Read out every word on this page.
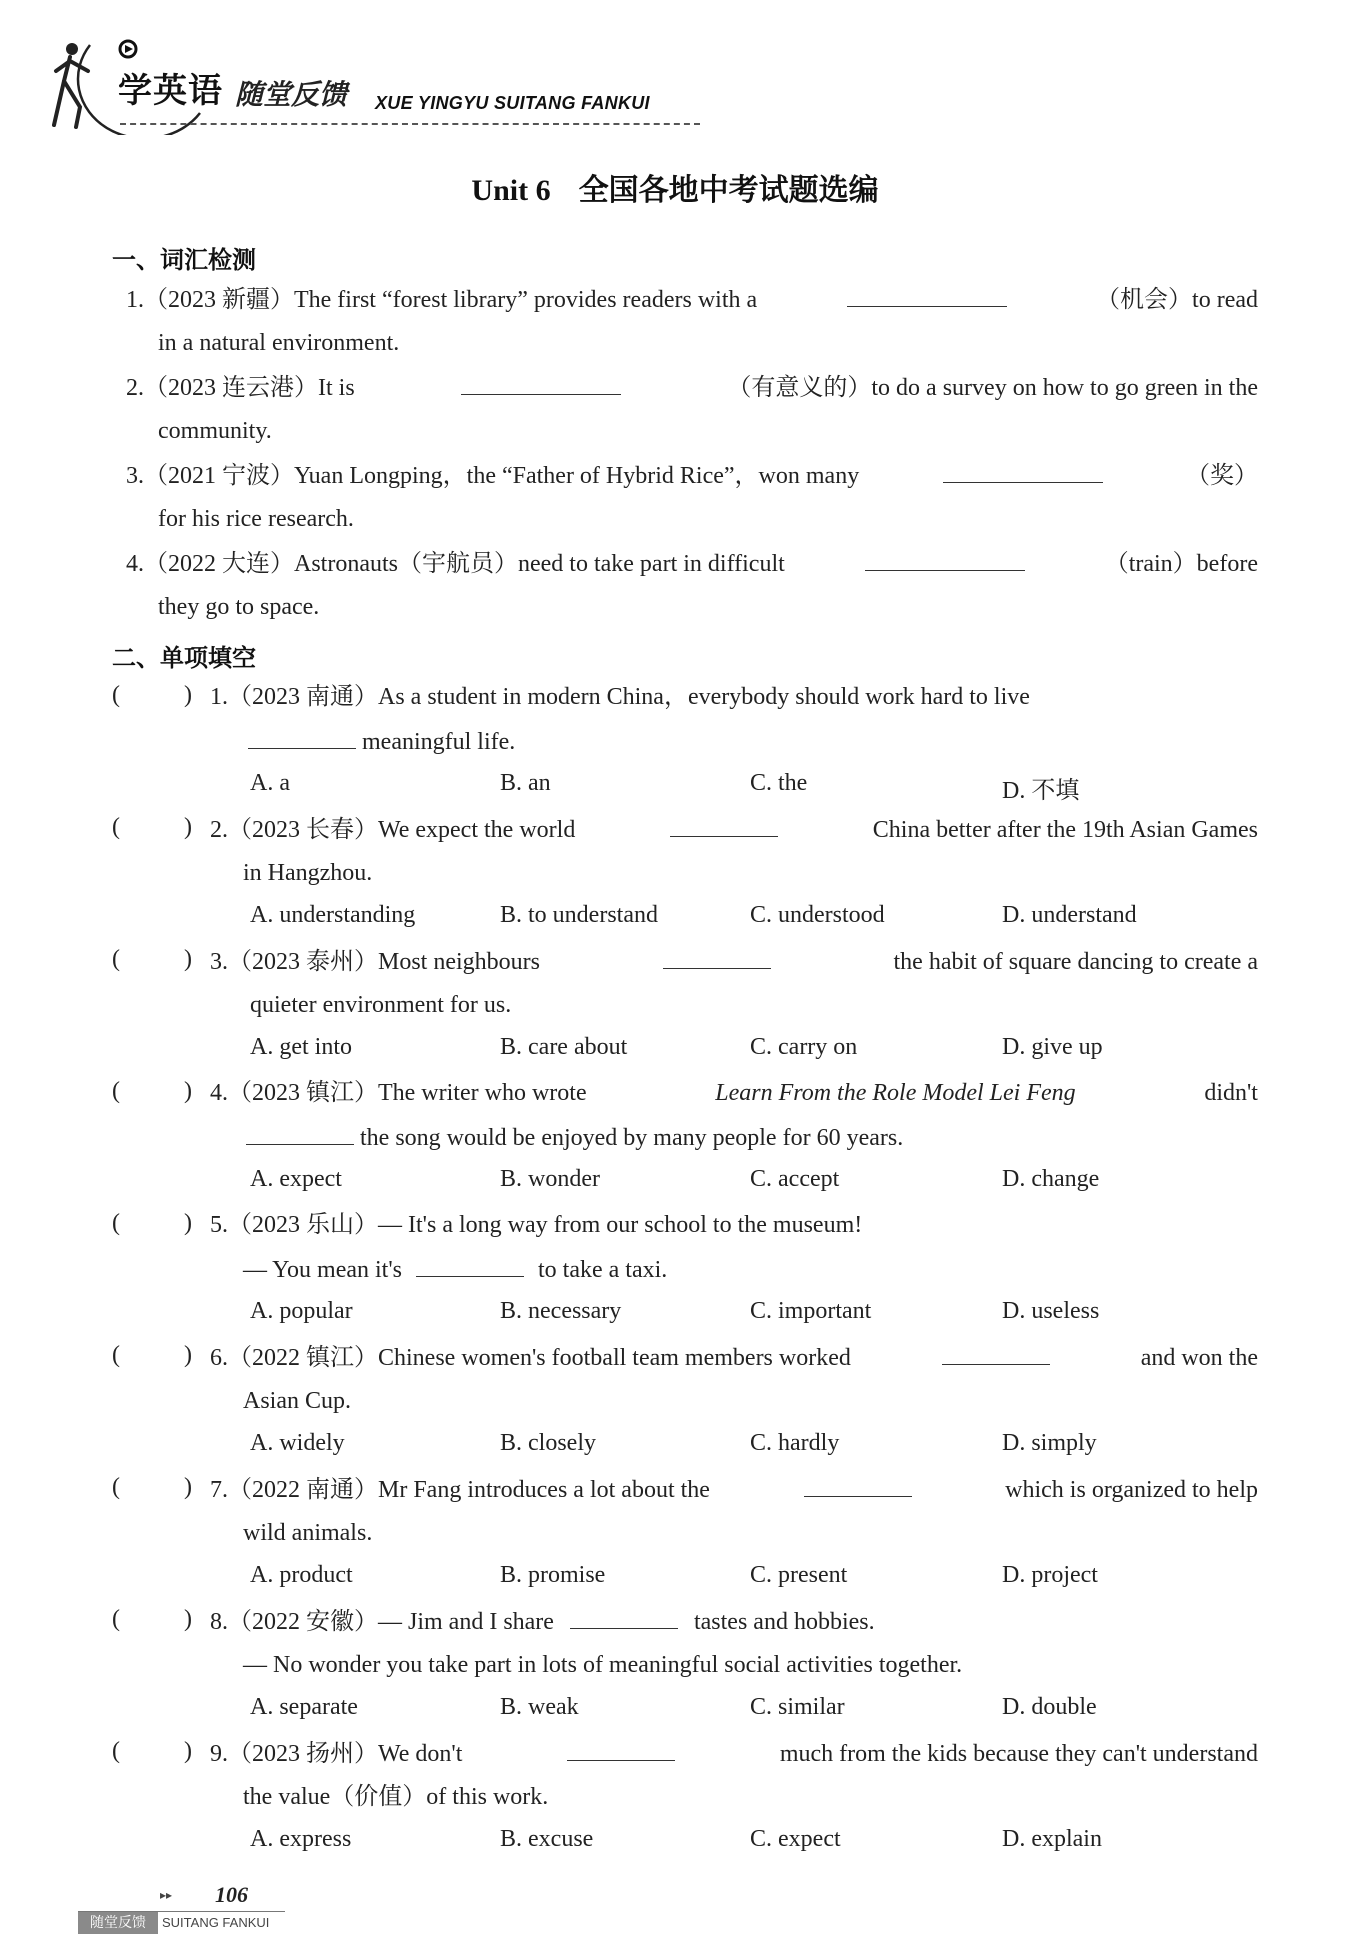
学英语 随堂反馈 XUE YINGYU SUITANG FANKUI
Unit 6 全国各地中考试题选编
一、词汇检测
1.（2023 新疆）The first “forest library” provides readers with a	（机会）to read
in a natural environment.
2.（2023 连云港）It is	（有意义的）to do a survey on how to go green in the
community.
3.（2021 宁波）Yuan Longping，the “Father of Hybrid Rice”，won many	（奖）
for his rice research.
4.（2022 大连）Astronauts（宇航员）need to take part in difficult	（train）before
they go to space.
二、单项填空
(	) 1.（2023 南通）As a student in modern China，everybody should work hard to live
meaningful life.
A. a	B. an	C. the	D. 不填
(	) 2.（2023 长春）We expect the world	China better after the 19th Asian Games
in Hangzhou.
A. understanding	B. to understand	C. understood	D. understand
(	) 3.（2023 泰州）Most neighbours	the habit of square dancing to create a
quieter environment for us.
A. get into	B. care about	C. carry on	D. give up
(	) 4.（2023 镇江）The writer who wrote	Learn From the Role Model Lei Feng	didn't
the song would be enjoyed by many people for 60 years.
A. expect	B. wonder	C. accept	D. change
(	) 5.（2023 乐山）— It's a long way from our school to the museum!
— You mean it's	to take a taxi.
A. popular	B. necessary	C. important	D. useless
(	) 6.（2022 镇江）Chinese women's football team members worked	and won the
Asian Cup.
A. widely	B. closely	C. hardly	D. simply
(	) 7.（2022 南通）Mr Fang introduces a lot about the	which is organized to help
wild animals.
A. product	B. promise	C. present	D. project
(	) 8.（2022 安徽）— Jim and I share	tastes and hobbies.
— No wonder you take part in lots of meaningful social activities together.
A. separate	B. weak	C. similar	D. double
(	) 9.（2023 扬州）We don't	much from the kids because they can't understand
the value（价值）of this work.
A. express	B. excuse	C. expect	D. explain
▸▸ 106
随堂反馈	SUITANG FANKUI
